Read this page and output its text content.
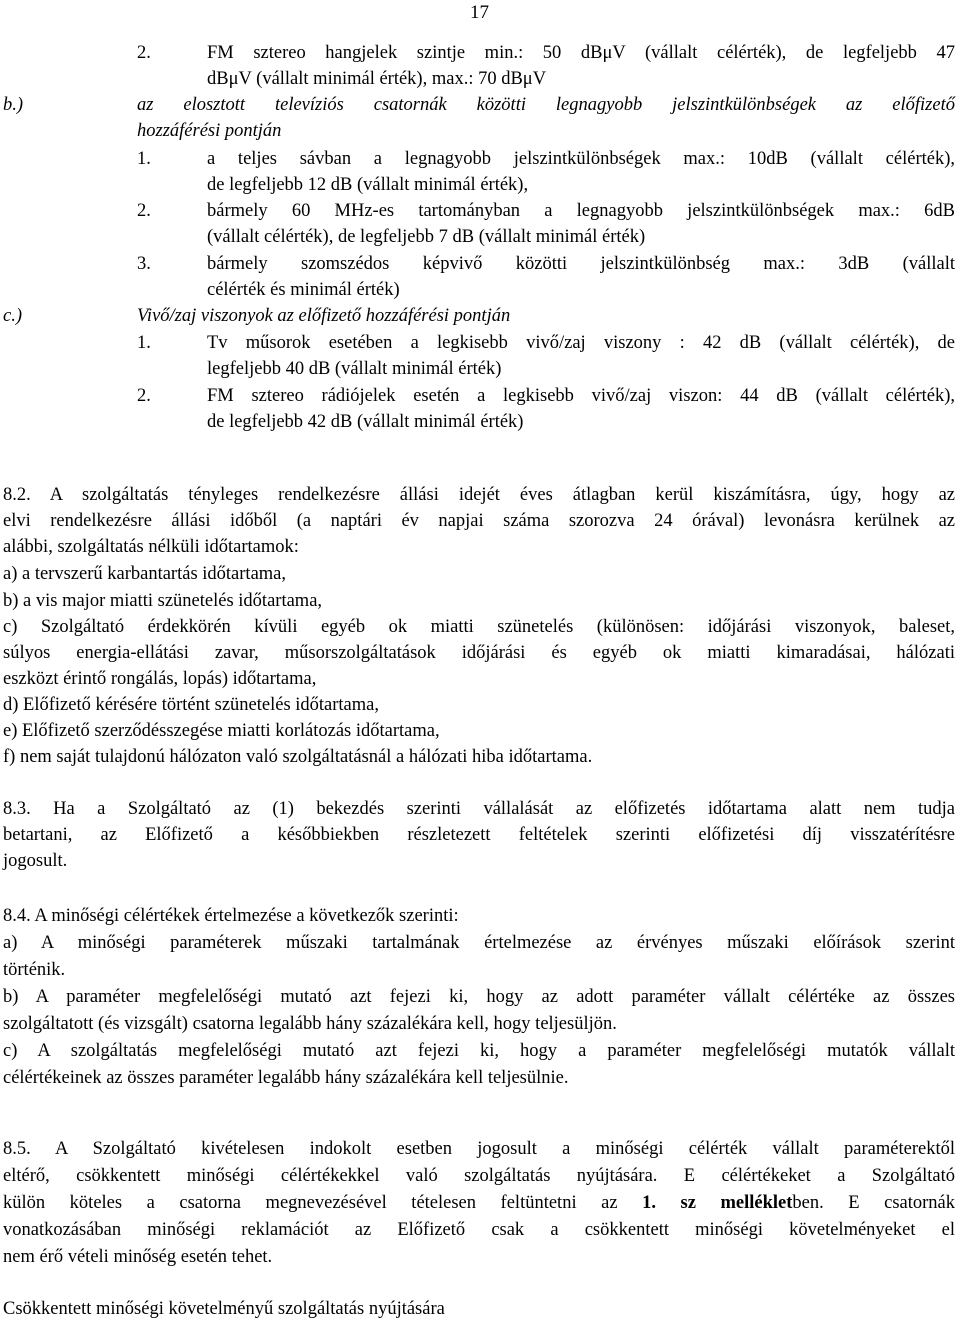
17
2.	FM sztereo hangjelek szintje min.: 50 dBμV (vállalt célérték), de legfeljebb 47
dBμV (vállalt minimál érték), max.: 70 dBμV
b.)	az elosztott televíziós csatornák közötti legnagyobb jelszintkülönbségek az előfizető
hozzáférési pontján
1.	a teljes sávban a legnagyobb jelszintkülönbségek max.: 10dB (vállalt célérték),
de legfeljebb 12 dB (vállalt minimál érték),
2.	bármely 60 MHz-es tartományban a legnagyobb jelszintkülönbségek max.: 6dB
(vállalt célérték), de legfeljebb 7 dB (vállalt minimál érték)
3.	bármely szomszédos képvivő közötti jelszintkülönbség max.: 3dB (vállalt
célérték és minimál érték)
c.)	Vivő/zaj viszonyok az előfizető hozzáférési pontján
1.	Tv műsorok esetében a legkisebb vivő/zaj viszony : 42 dB (vállalt célérték), de
legfeljebb 40 dB (vállalt minimál érték)
2.	FM sztereo rádiójelek esetén a legkisebb vivő/zaj viszon: 44 dB (vállalt célérték),
de legfeljebb 42 dB (vállalt minimál érték)
8.2. A szolgáltatás tényleges rendelkezésre állási idejét éves átlagban kerül kiszámításra, úgy, hogy az
elvi rendelkezésre állási időből (a naptári év napjai száma szorozva 24 órával) levonásra kerülnek az
alábbi, szolgáltatás nélküli időtartamok:
a) a tervszerű karbantartás időtartama,
b) a vis major miatti szünetelés időtartama,
c) Szolgáltató érdekkörén kívüli egyéb ok miatti szünetelés (különösen: időjárási viszonyok, baleset,
súlyos energia-ellátási zavar, műsorszolgáltatások időjárási és egyéb ok miatti kimaradásai, hálózati
eszközt érintő rongálás, lopás) időtartama,
d) Előfizető kérésére történt szünetelés időtartama,
e) Előfizető szerződésszegése miatti korlátozás időtartama,
f) nem saját tulajdonú hálózaton való szolgáltatásnál a hálózati hiba időtartama.
8.3. Ha a Szolgáltató az (1) bekezdés szerinti vállalását az előfizetés időtartama alatt nem tudja
betartani, az Előfizető a későbbiekben részletezett feltételek szerinti előfizetési díj visszatérítésre
jogosult.
8.4. A minőségi célértékek értelmezése a következők szerinti:
a) A minőségi paraméterek műszaki tartalmának értelmezése az érvényes műszaki előírások szerint
történik.
b) A paraméter megfelelőségi mutató azt fejezi ki, hogy az adott paraméter vállalt célértéke az összes
szolgáltatott (és vizsgált) csatorna legalább hány százalékára kell, hogy teljesüljön.
c) A szolgáltatás megfelelőségi mutató azt fejezi ki, hogy a paraméter megfelelőségi mutatók vállalt
célértékeinek az összes paraméter legalább hány százalékára kell teljesülnie.
8.5. A Szolgáltató kivételesen indokolt esetben jogosult a minőségi célérték vállalt paraméterektől
eltérő, csökkentett minőségi célértékekkel való szolgáltatás nyújtására. E célértékeket a Szolgáltató
külön köteles a csatorna megnevezésével tételesen feltüntetni az 1. sz mellékletben. E csatornák
vonatkozásában minőségi reklamációt az Előfizető csak a csökkentett minőségi követelményeket el
nem érő vételi minőség esetén tehet.
Csökkentett minőségi követelményű szolgáltatás nyújtására
